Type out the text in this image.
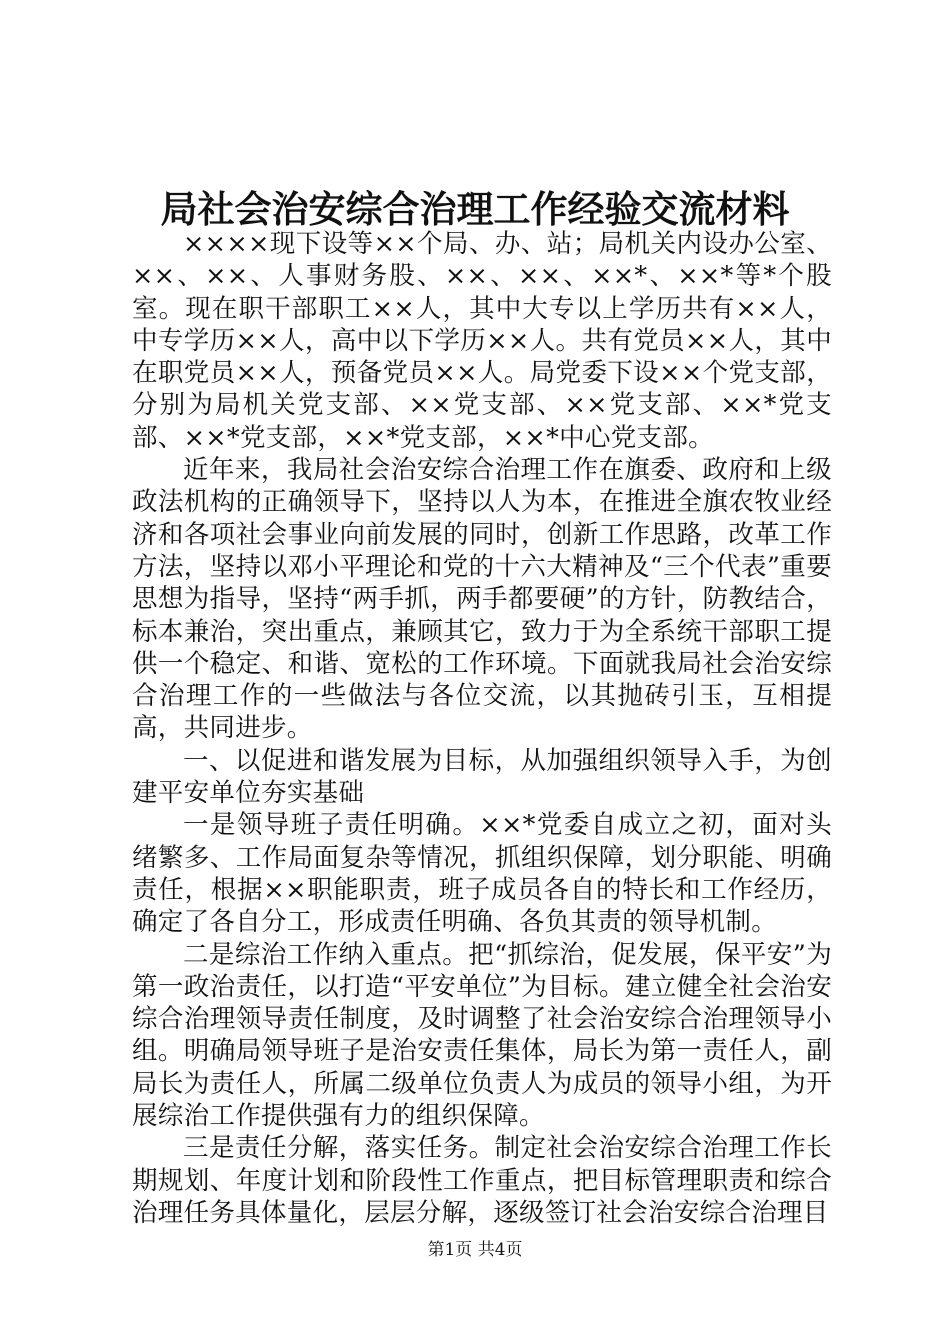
局社会治安综合治理工作经验交流材料

××××现下设等××个局、办、站；局机关内设办公室、××、××、人事财务股、××、××、××*、××*等*个股室。现在职干部职工××人，其中大专以上学历共有××人，中专学历××人，高中以下学历××人。共有党员××人，其中在职党员××人，预备党员××人。局党委下设××个党支部，分别为局机关党支部、××党支部、××党支部、××*党支部、××*党支部，××*党支部，××*中心党支部。

近年来，我局社会治安综合治理工作在旗委、政府和上级政法机构的正确领导下，坚持以人为本，在推进全旗农牧业经济和各项社会事业向前发展的同时，创新工作思路，改革工作方法，坚持以邓小平理论和党的十六大精神及“三个代表”重要思想为指导，坚持“两手抓，两手都要硬”的方针，防教结合，标本兼治，突出重点，兼顾其它，致力于为全系统干部职工提供一个稳定、和谐、宽松的工作环境。下面就我局社会治安综合治理工作的一些做法与各位交流，以其抛砖引玉，互相提高，共同进步。

一、以促进和谐发展为目标，从加强组织领导入手，为创建平安单位夯实基础

一是领导班子责任明确。××*党委自成立之初，面对头绪繁多、工作局面复杂等情况，抓组织保障，划分职能、明确责任，根据××职能职责，班子成员各自的特长和工作经历，确定了各自分工，形成责任明确、各负其责的领导机制。

二是综治工作纳入重点。把“抓综治，促发展，保平安”为第一政治责任，以打造“平安单位”为目标。建立健全社会治安综合治理领导责任制度，及时调整了社会治安综合治理领导小组。明确局领导班子是治安责任集体，局长为第一责任人，副局长为责任人，所属二级单位负责人为成员的领导小组，为开展综治工作提供强有力的组织保障。

三是责任分解，落实任务。制定社会治安综合治理工作长期规划、年度计划和阶段性工作重点，把目标管理职责和综合治理任务具体量化，层层分解，逐级签订社会治安综合治理目

第1页 共4页
